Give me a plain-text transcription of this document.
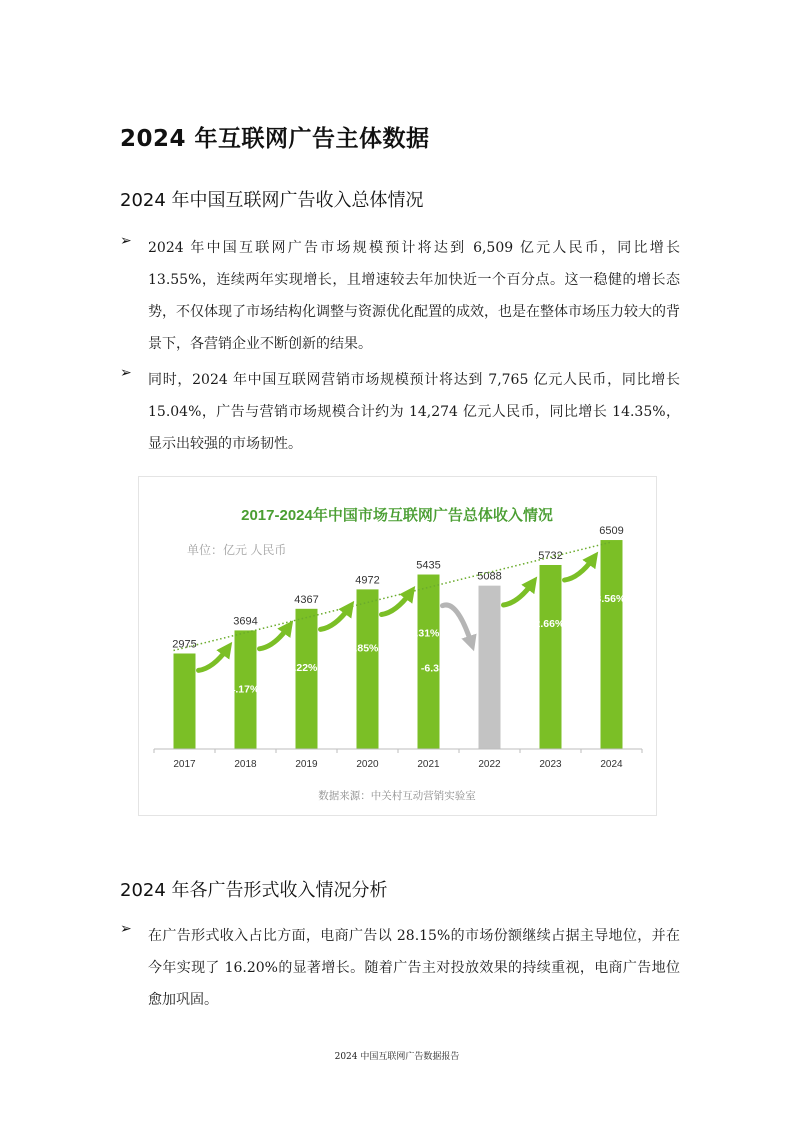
2024 年互联网广告主体数据
2024 年中国互联网广告收入总体情况
➢ 2024 年中国互联网广告市场规模预计将达到 6,509 亿元人民币，同比增长 13.55%，连续两年实现增长，且增速较去年加快近一个百分点。这一稳健的增长态势，不仅体现了市场结构化调整与资源优化配置的成效，也是在整体市场压力较大的背景下，各营销企业不断创新的结果。
➢ 同时，2024 年中国互联网营销市场规模预计将达到 7,765 亿元人民币，同比增长 15.04%，广告与营销市场规模合计约为 14,274 亿元人民币，同比增长 14.35%，显示出较强的市场韧性。
2017-2024年中国市场互联网广告总体收入情况
单位：亿元 人民币
2975
2017
3694
2018
4367
2019
4972
2020
5435
2021
5088
2022
5732
2023
6509
2024
24.17%
8.22%
3.85%
9.31%
-6.38%
12.66%
13.56%
数据来源：中关村互动营销实验室
2024 年各广告形式收入情况分析
➢ 在广告形式收入占比方面，电商广告以 28.15%的市场份额继续占据主导地位，并在今年实现了 16.20%的显著增长。随着广告主对投放效果的持续重视，电商广告地位愈加巩固。
2024 中国互联网广告数据报告
